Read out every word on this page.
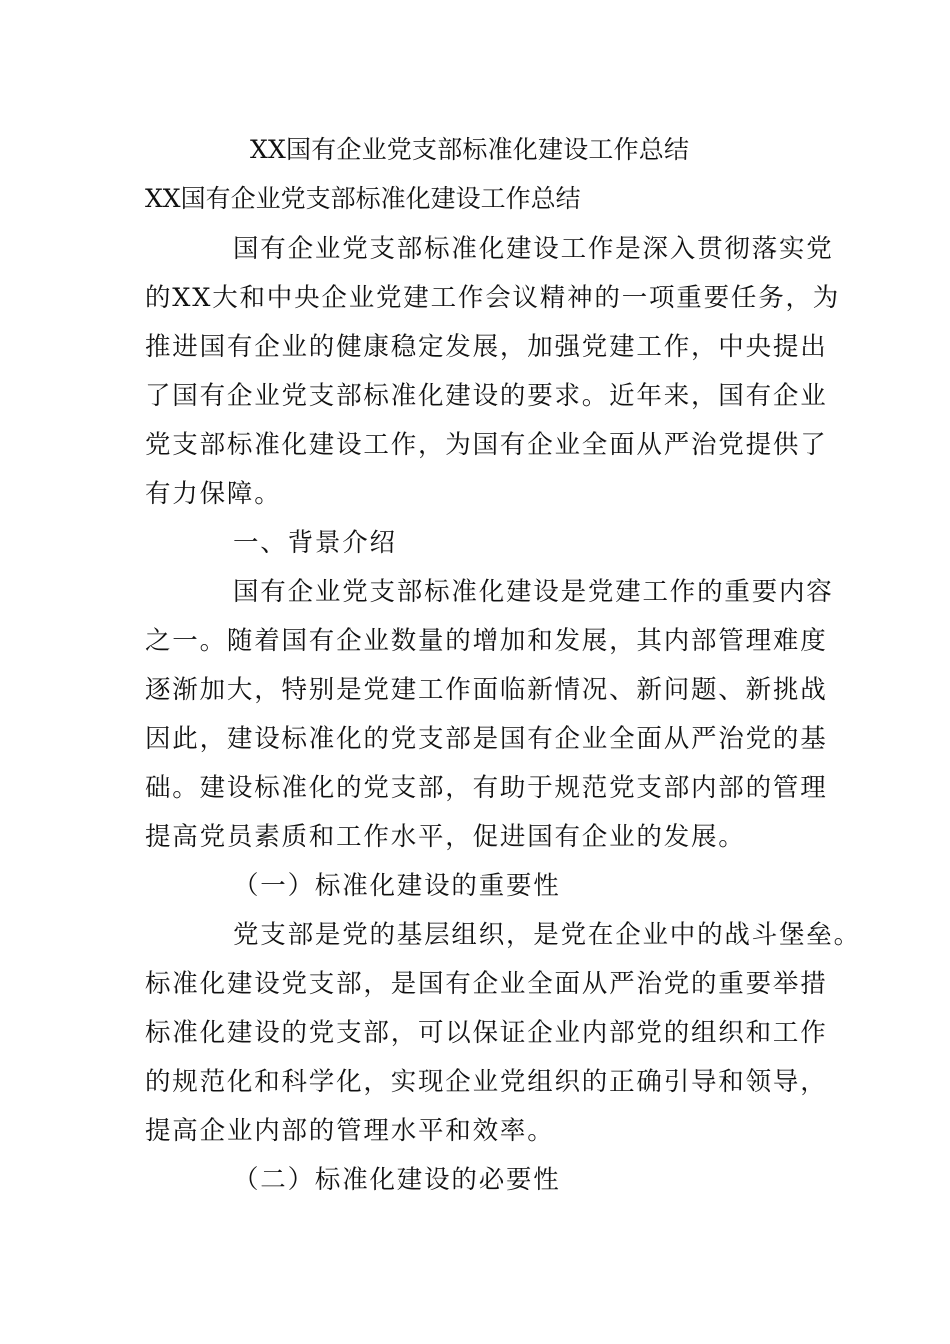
XX国有企业党支部标准化建设工作总结
XX国有企业党支部标准化建设工作总结
国有企业党支部标准化建设工作是深入贯彻落实党
的XX大和中央企业党建工作会议精神的一项重要任务，为
推进国有企业的健康稳定发展，加强党建工作，中央提出
了国有企业党支部标准化建设的要求。近年来，国有企业
党支部标准化建设工作，为国有企业全面从严治党提供了
有力保障。
一、背景介绍
国有企业党支部标准化建设是党建工作的重要内容
之一。随着国有企业数量的增加和发展，其内部管理难度
逐渐加大，特别是党建工作面临新情况、新问题、新挑战
因此，建设标准化的党支部是国有企业全面从严治党的基
础。建设标准化的党支部，有助于规范党支部内部的管理
提高党员素质和工作水平，促进国有企业的发展。
（一）标准化建设的重要性
党支部是党的基层组织，是党在企业中的战斗堡垒。
标准化建设党支部，是国有企业全面从严治党的重要举措
标准化建设的党支部，可以保证企业内部党的组织和工作
的规范化和科学化，实现企业党组织的正确引导和领导，
提高企业内部的管理水平和效率。
（二）标准化建设的必要性
